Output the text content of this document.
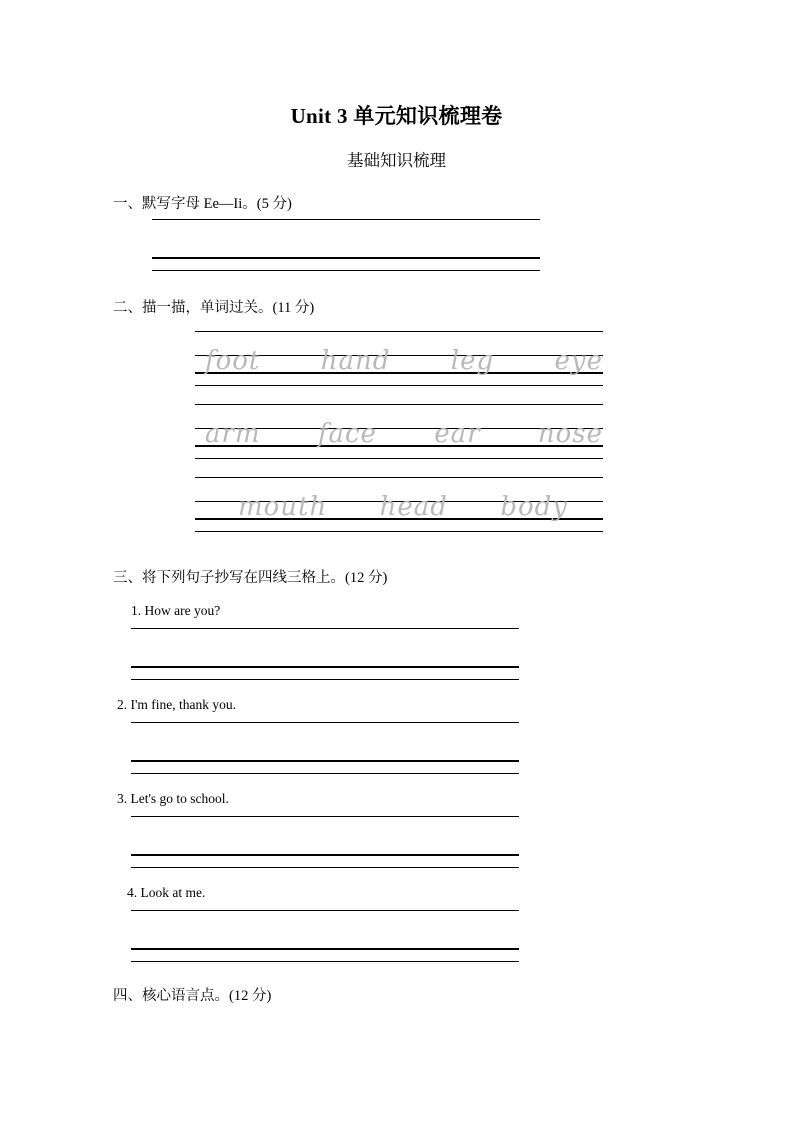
Unit 3 单元知识梳理卷
基础知识梳理
一、默写字母 Ee—Ii。(5 分)
二、描一描，单词过关。(11 分)
foot hand leg eye
arm face ear nose
mouth head body
三、将下列句子抄写在四线三格上。(12 分)
1. How are you?
2. I'm fine, thank you.
3. Let's go to school.
4. Look at me.
四、核心语言点。(12 分)
